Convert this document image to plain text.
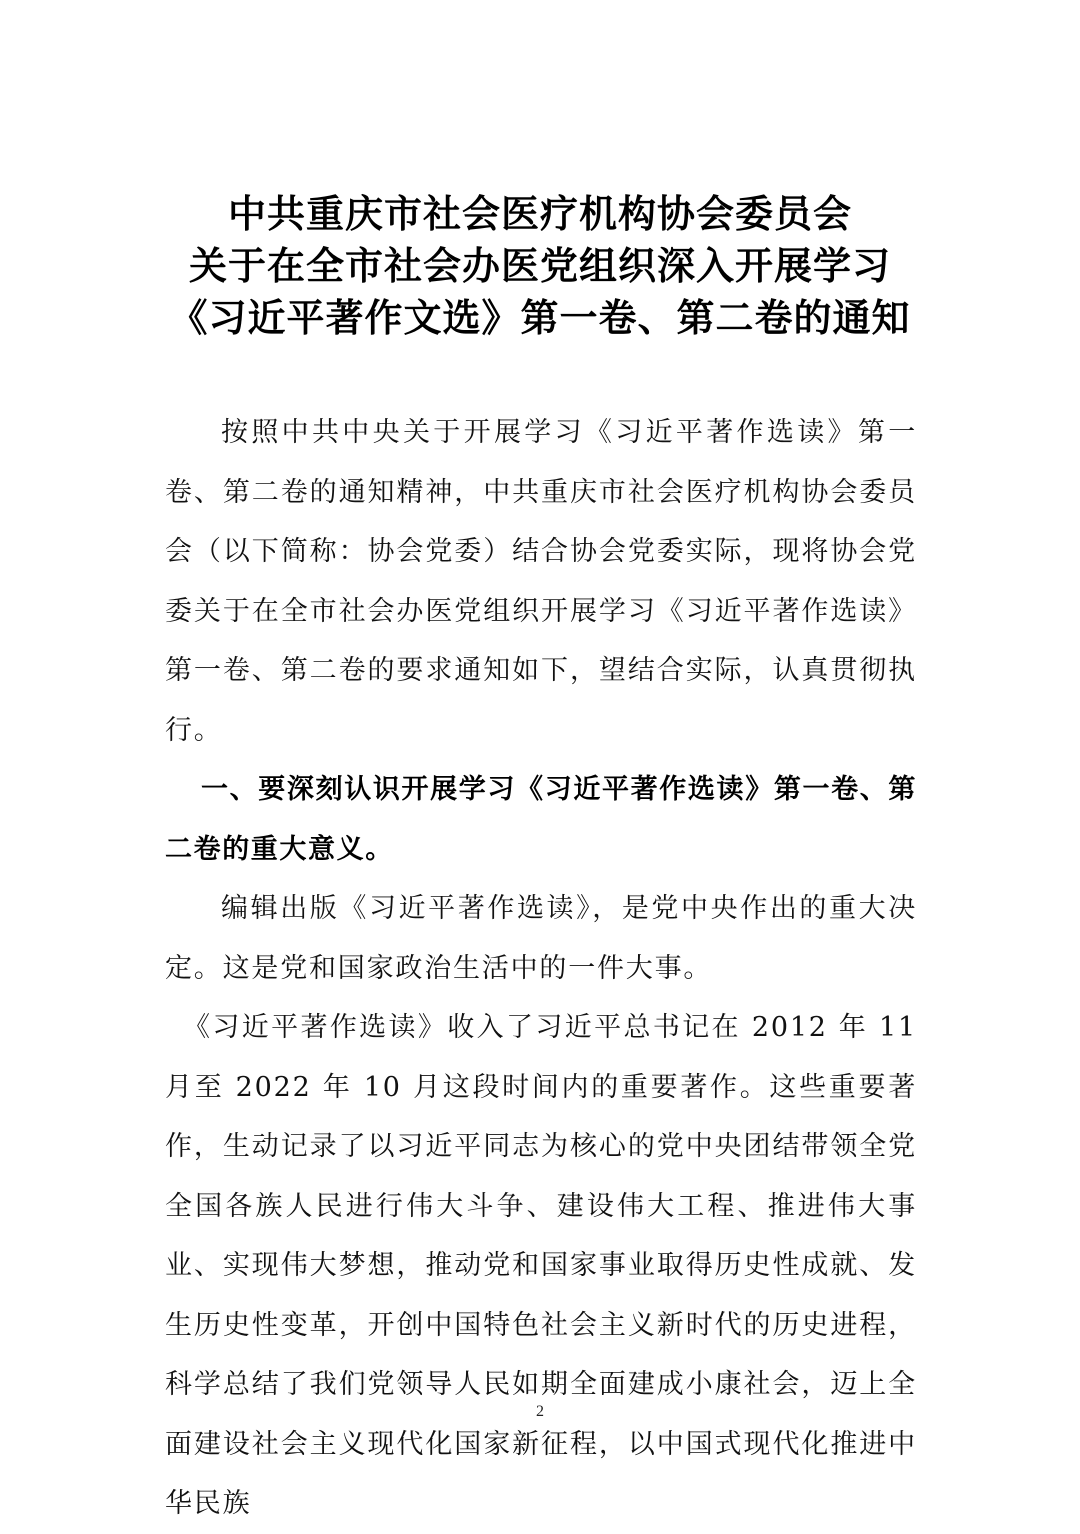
中共重庆市社会医疗机构协会委员会
关于在全市社会办医党组织深入开展学习
《习近平著作文选》第一卷、第二卷的通知

按照中共中央关于开展学习《习近平著作选读》第一卷、第二卷的通知精神，中共重庆市社会医疗机构协会委员会（以下简称：协会党委）结合协会党委实际，现将协会党委关于在全市社会办医党组织开展学习《习近平著作选读》第一卷、第二卷的要求通知如下，望结合实际，认真贯彻执行。

一、要深刻认识开展学习《习近平著作选读》第一卷、第二卷的重大意义。

编辑出版《习近平著作选读》，是党中央作出的重大决定。这是党和国家政治生活中的一件大事。

《习近平著作选读》收入了习近平总书记在 2012 年 11 月至 2022 年 10 月这段时间内的重要著作。这些重要著作，生动记录了以习近平同志为核心的党中央团结带领全党全国各族人民进行伟大斗争、建设伟大工程、推进伟大事业、实现伟大梦想，推动党和国家事业取得历史性成就、发生历史性变革，开创中国特色社会主义新时代的历史进程，科学总结了我们党领导人民如期全面建成小康社会，迈上全面建设社会主义现代化国家新征程，以中国式现代化推进中华民族

2
